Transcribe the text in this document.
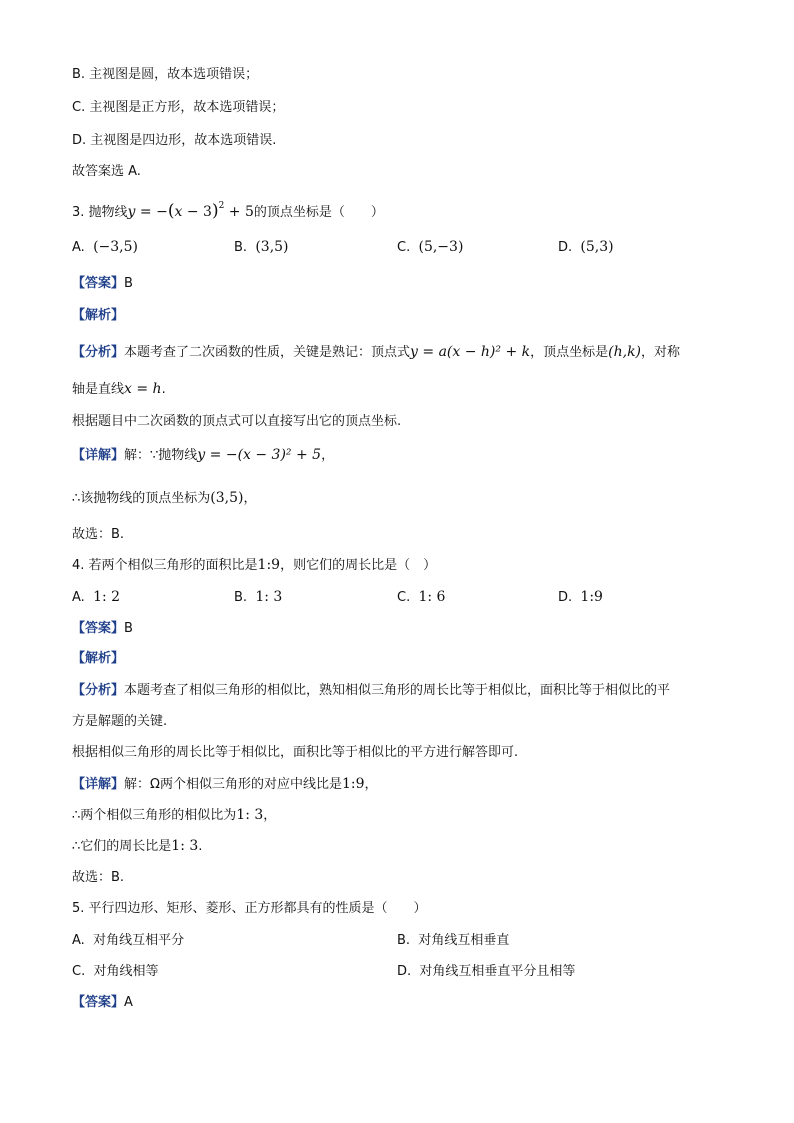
B. 主视图是圆，故本选项错误；
C. 主视图是正方形，故本选项错误；
D. 主视图是四边形，故本选项错误.
故答案选 A.
3. 抛物线$y = -(x - 3)^2 + 5$的顶点坐标是（　　）
A. (−3,5)	B. (3,5)	C. (5,−3)	D. (5,3)
【答案】B
【解析】
【分析】本题考查了二次函数的性质，关键是熟记：顶点式y = a(x − h)² + k，顶点坐标是(h,k)，对称
轴是直线x = h.
根据题目中二次函数的顶点式可以直接写出它的顶点坐标.
【详解】解：∵抛物线y = −(x − 3)² + 5，
∴该抛物线的顶点坐标为(3,5)，
故选：B.
4. 若两个相似三角形的面积比是1:9，则它们的周长比是（　）
A. 1: 2	B. 1: 3	C. 1: 6	D. 1:9
【答案】B
【解析】
【分析】本题考查了相似三角形的相似比，熟知相似三角形的周长比等于相似比，面积比等于相似比的平
方是解题的关键.
根据相似三角形的周长比等于相似比，面积比等于相似比的平方进行解答即可.
【详解】解：Ω两个相似三角形的对应中线比是1:9，
∴两个相似三角形的相似比为1: 3，
∴它们的周长比是1: 3.
故选：B.
5. 平行四边形、矩形、菱形、正方形都具有的性质是（　　）
A. 对角线互相平分	B. 对角线互相垂直
C. 对角线相等	D. 对角线互相垂直平分且相等
【答案】A
